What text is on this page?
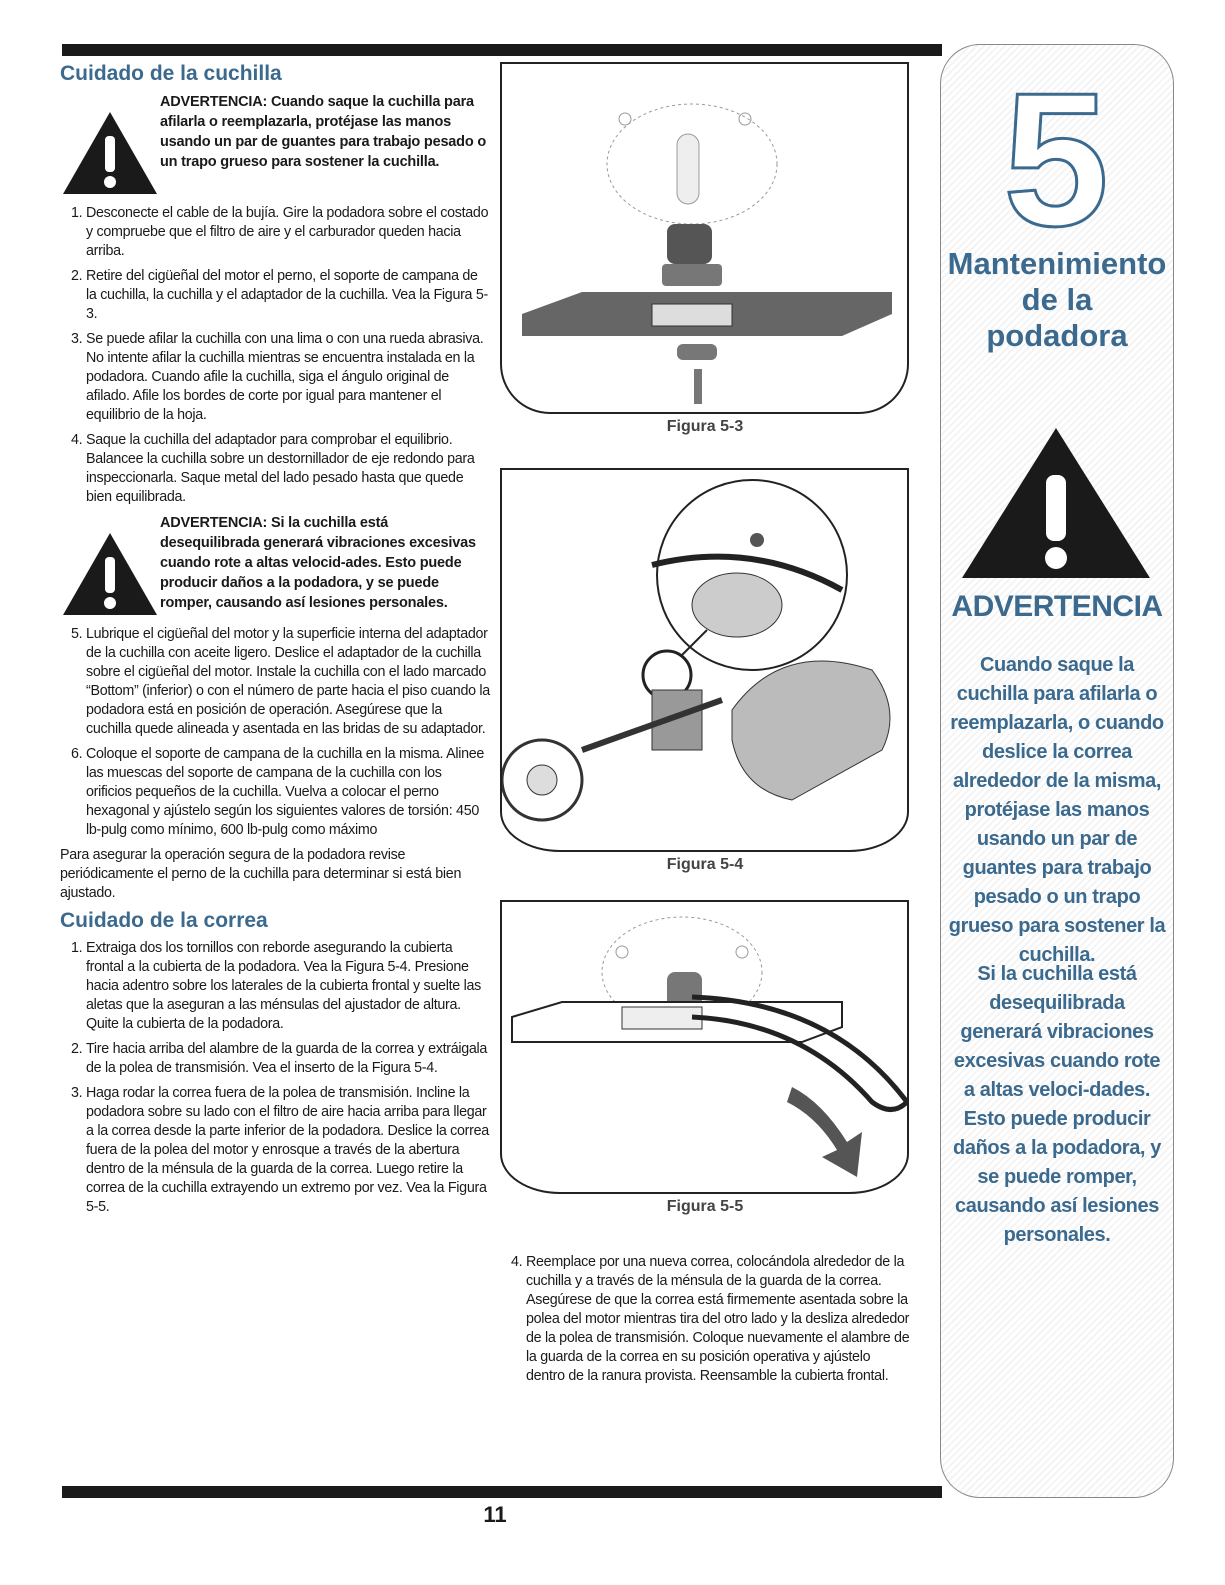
Cuidado de la cuchilla
ADVERTENCIA: Cuando saque la cuchilla para afilarla o reemplazarla, protéjase las manos usando un par de guantes para trabajo pesado o un trapo grueso para sostener la cuchilla.
1. Desconecte el cable de la bujía. Gire la podadora sobre el costado y compruebe que el filtro de aire y el carburador queden hacia arriba.
2. Retire del cigüeñal del motor el perno, el soporte de campana de la cuchilla, la cuchilla y el adaptador de la cuchilla. Vea la Figura 5-3.
3. Se puede afilar la cuchilla con una lima o con una rueda abrasiva. No intente afilar la cuchilla mientras se encuentra instalada en la podadora. Cuando afile la cuchilla, siga el ángulo original de afilado. Afile los bordes de corte por igual para mantener el equilibrio de la hoja.
4. Saque la cuchilla del adaptador para comprobar el equilibrio. Balancee la cuchilla sobre un destornillador de eje redondo para inspeccionarla. Saque metal del lado pesado hasta que quede bien equilibrada.
ADVERTENCIA: Si la cuchilla está desequilibrada generará vibraciones excesivas cuando rote a altas velocid-ades. Esto puede producir daños a la podadora, y se puede romper, causando así lesiones personales.
5. Lubrique el cigüeñal del motor y la superficie interna del adaptador de la cuchilla con aceite ligero. Deslice el adaptador de la cuchilla sobre el cigüeñal del motor. Instale la cuchilla con el lado marcado “Bottom” (inferior) o con el número de parte hacia el piso cuando la podadora está en posición de operación. Asegúrese que la cuchilla quede alineada y asentada en las bridas de su adaptador.
6. Coloque el soporte de campana de la cuchilla en la misma. Alinee las muescas del soporte de campana de la cuchilla con los orificios pequeños de la cuchilla. Vuelva a colocar el perno hexagonal y ajústelo según los siguientes valores de torsión: 450 lb-pulg como mínimo, 600 lb-pulg como máximo

Para asegurar la operación segura de la podadora revise periódicamente el perno de la cuchilla para determinar si está bien ajustado.

Cuidado de la correa
1. Extraiga dos los tornillos con reborde asegurando la cubierta frontal a la cubierta de la podadora. Vea la Figura 5-4. Presione hacia adentro sobre los laterales de la cubierta frontal y suelte las aletas que la aseguran a las ménsulas del ajustador de altura. Quite la cubierta de la podadora.
2. Tire hacia arriba del alambre de la guarda de la correa y extráigala de la polea de transmisión. Vea el inserto de la Figura 5-4.
3. Haga rodar la correa fuera de la polea de transmisión. Incline la podadora sobre su lado con el filtro de aire hacia arriba para llegar a la correa desde la parte inferior de la podadora. Deslice la correa fuera de la polea del motor y enrosque a través de la abertura dentro de la ménsula de la guarda de la correa. Luego retire la correa de la cuchilla extrayendo un extremo por vez. Vea la Figura 5-5.
Figura 5-3
Figura 5-4
Figura 5-5
4. Reemplace por una nueva correa, colocándola alrededor de la cuchilla y a través de la ménsula de la guarda de la correa. Asegúrese de que la correa está firmemente asentada sobre la polea del motor mientras tira del otro lado y la desliza alrededor de la polea de transmisión. Coloque nuevamente el alambre de la guarda de la correa en su posición operativa y ajústelo dentro de la ranura provista. Reensamble la cubierta frontal.
5
Mantenimiento
de la
podadora
ADVERTENCIA
Cuando saque la cuchilla para afilarla o reemplazarla, o cuando deslice la correa alrededor de la misma, protéjase las manos usando un par de guantes para trabajo pesado o un trapo grueso para sostener la cuchilla.
Si la cuchilla está desequilibrada generará vibraciones excesivas cuando rote a altas veloci-dades. Esto puede producir daños a la podadora, y se puede romper, causando así lesiones personales.
11
